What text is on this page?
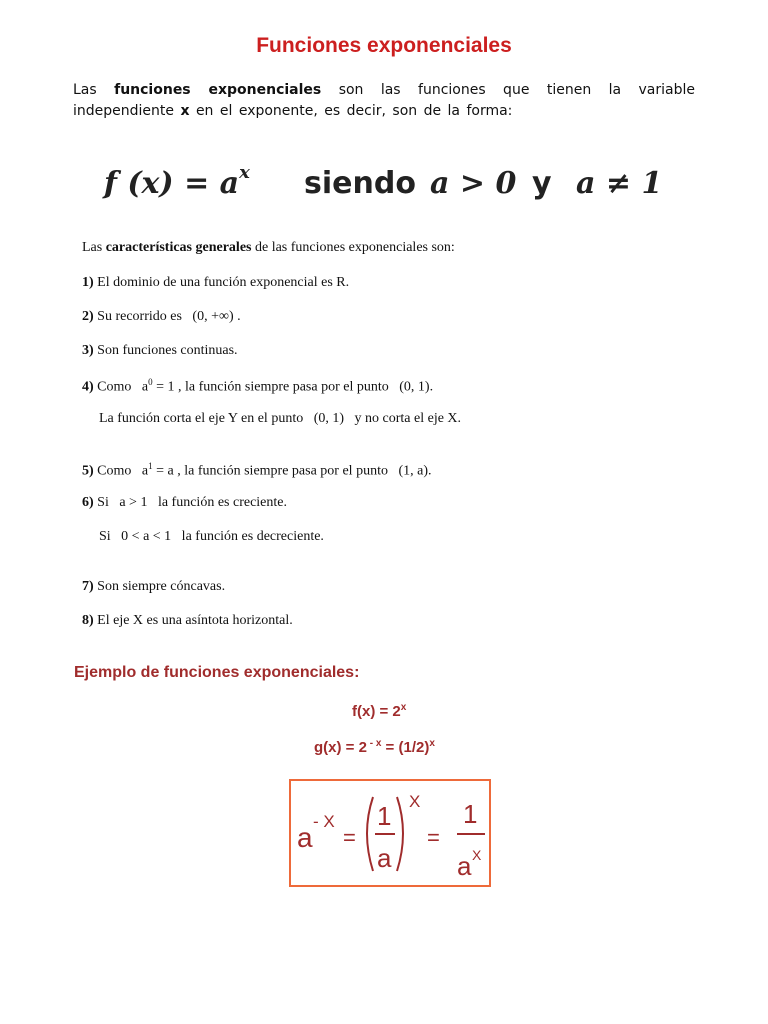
Funciones exponenciales
Las funciones exponenciales son las funciones que tienen la variable
independiente x en el exponente, es decir, son de la forma:
f $(x) = a^x$ siendo a > 0 y a ≠ 1
Las características generales de las funciones exponenciales son:
1) El dominio de una función exponencial es R.
2) Su recorrido es   (0, +∞) .
3) Son funciones continuas.
4) Como   $a^0 = 1$ , la función siempre pasa por el punto   (0, 1).
La función corta el eje Y en el punto   (0, 1)   y no corta el eje X.
5) Como   $a^1 = a$ , la función siempre pasa por el punto   (1, a).
6) Si   a > 1   la función es creciente.
Si   0 < a < 1   la función es decreciente.
7) Son siempre cóncavas.
8) El eje X es una asíntota horizontal.
Ejemplo de funciones exponenciales:
$f(x) = 2^x$
g(x) = 2 $^{- x} = (1/2)^x$
a
- X
=
1
a
X
=
1
a X
